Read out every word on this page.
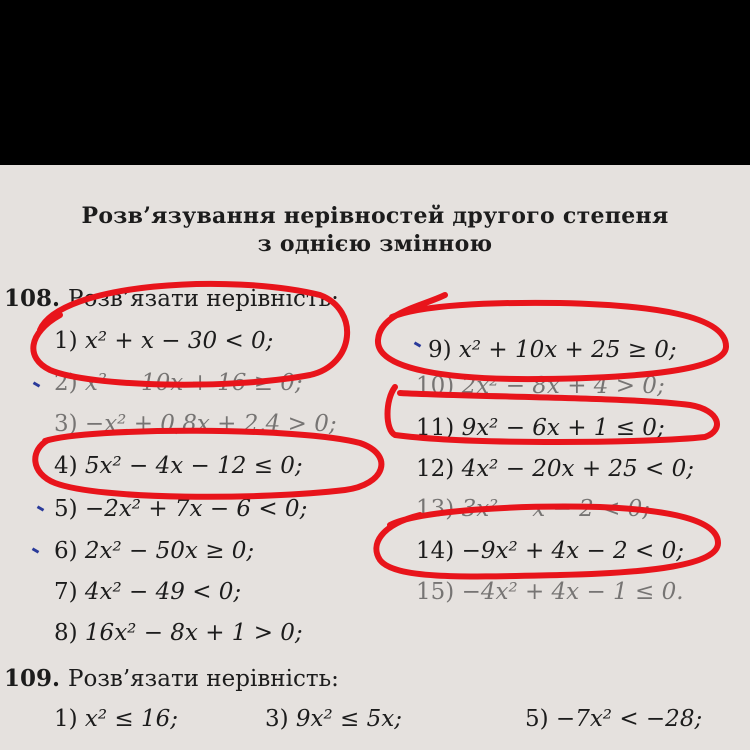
Розв’язування нерівностей другого степеня
з однією змінною
108. Розв’язати нерівність:
1) x² + x − 30 < 0;
2) x² − 10x + 16 ≥ 0;
3) −x² + 0,8x + 2,4 > 0;
4) 5x² − 4x − 12 ≤ 0;
5) −2x² + 7x − 6 < 0;
6) 2x² − 50x ≥ 0;
7) 4x² − 49 < 0;
8) 16x² − 8x + 1 > 0;
9) x² + 10x + 25 ≥ 0;
10) 2x² − 8x + 4 > 0;
11) 9x² − 6x + 1 ≤ 0;
12) 4x² − 20x + 25 < 0;
13) 3x² − x − 2 < 0;
14) −9x² + 4x − 2 < 0;
15) −4x² + 4x − 1 ≤ 0.
109. Розв’язати нерівність:
1) x² ≤ 16;	3) 9x² ≤ 5x;	5) −7x² < −28;
